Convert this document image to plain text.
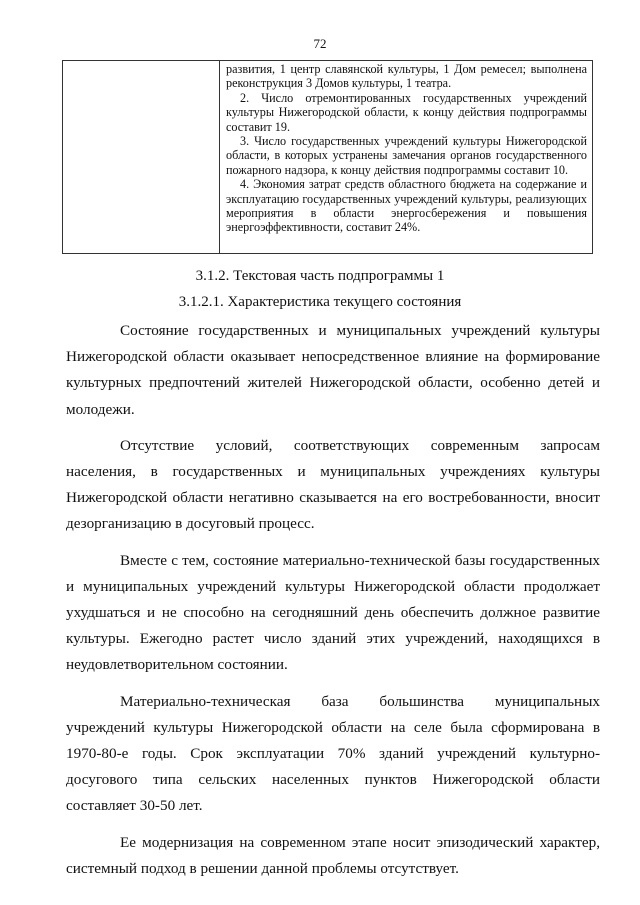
72

развития, 1 центр славянской культуры, 1 Дом ремесел; выполнена реконструкция 3 Домов культуры, 1 театра.

2. Число отремонтированных государственных учреждений культуры Нижегородской области, к концу действия подпрограммы составит 19.

3. Число государственных учреждений культуры Нижегородской области, в которых устранены замечания органов государственного пожарного надзора, к концу действия подпрограммы составит 10.

4. Экономия затрат средств областного бюджета на содержание и эксплуатацию государственных учреждений культуры, реализующих мероприятия в области энергосбережения и повышения энергоэффективности, составит 24%.

3.1.2. Текстовая часть подпрограммы 1
3.1.2.1. Характеристика текущего состояния

Состояние государственных и муниципальных учреждений культуры Нижегородской области оказывает непосредственное влияние на формирование культурных предпочтений жителей Нижегородской области, особенно детей и молодежи.

Отсутствие условий, соответствующих современным запросам населения, в государственных и муниципальных учреждениях культуры Нижегородской области негативно сказывается на его востребованности, вносит дезорганизацию в досуговый процесс.

Вместе с тем, состояние материально-технической базы государственных и муниципальных учреждений культуры Нижегородской области продолжает ухудшаться и не способно на сегодняшний день обеспечить должное развитие культуры. Ежегодно растет число зданий этих учреждений, находящихся в неудовлетворительном состоянии.

Материально-техническая база большинства муниципальных учреждений культуры Нижегородской области на селе была сформирована в 1970-80-е годы. Срок эксплуатации 70% зданий учреждений культурно-досугового типа сельских населенных пунктов Нижегородской области составляет 30-50 лет.

Ее модернизация на современном этапе носит эпизодический характер, системный подход в решении данной проблемы отсутствует.
